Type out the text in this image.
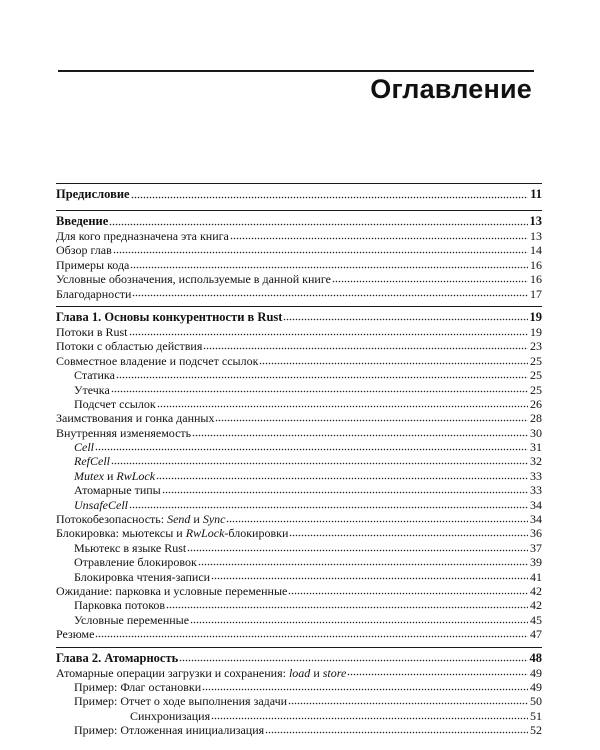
Оглавление
Предисловие	11
Введение	13
Для кого предназначена эта книга	13
Обзор глав	14
Примеры кода	16
Условные обозначения, используемые в данной книге	16
Благодарности	17
Глава 1. Основы конкурентности в Rust	19
Потоки в Rust	19
Потоки с областью действия	23
Совместное владение и подсчет ссылок	25
Статика	25
Утечка	25
Подсчет ссылок	26
Заимствования и гонка данных	28
Внутренняя изменяемость	30
Cell	31
RefCell	32
Mutex и RwLock	33
Атомарные типы	33
UnsafeCell	34
Потокобезопасность: Send и Sync	34
Блокировка: мьютексы и RwLock-блокировки	36
Мьютекс в языке Rust	37
Отравление блокировок	39
Блокировка чтения-записи	41
Ожидание: парковка и условные переменные	42
Парковка потоков	42
Условные переменные	45
Резюме	47
Глава 2. Атомарность	48
Атомарные операции загрузки и сохранения: load и store	49
Пример: Флаг остановки	49
Пример: Отчет о ходе выполнения задачи	50
Синхронизация	51
Пример: Отложенная инициализация	52
